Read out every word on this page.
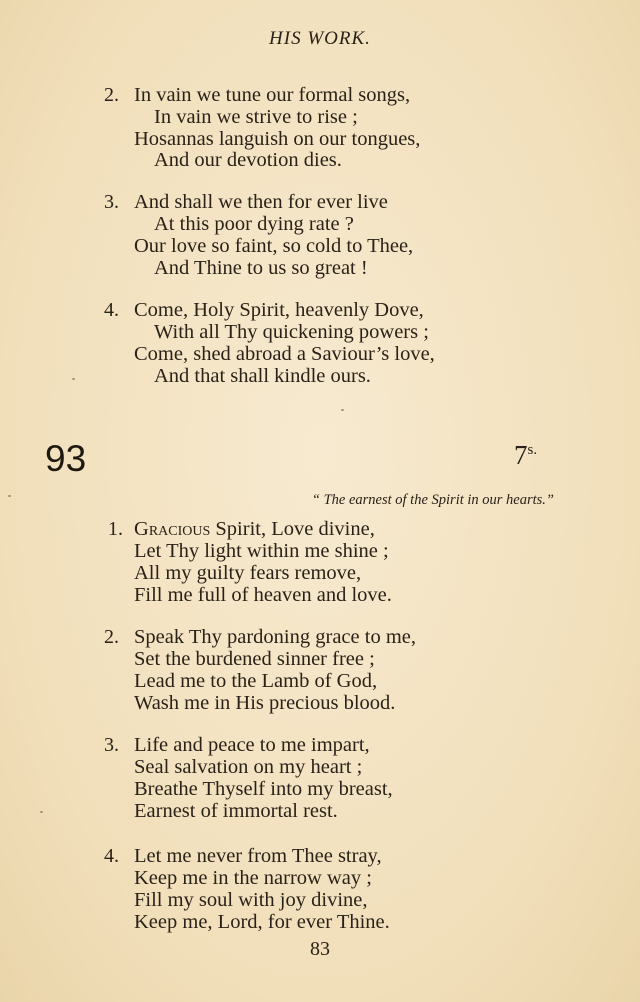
HIS WORK.
2. In vain we tune our formal songs,
In vain we strive to rise ;
Hosannas languish on our tongues,
And our devotion dies.
3. And shall we then for ever live
At this poor dying rate ?
Our love so faint, so cold to Thee,
And Thine to us so great !
4. Come, Holy Spirit, heavenly Dove,
With all Thy quickening powers ;
Come, shed abroad a Saviour’s love,
And that shall kindle ours.
93	$7^{s.}$
“ The earnest of the Spirit in our hearts.”
1. Gracious Spirit, Love divine,
Let Thy light within me shine ;
All my guilty fears remove,
Fill me full of heaven and love.
2. Speak Thy pardoning grace to me,
Set the burdened sinner free ;
Lead me to the Lamb of God,
Wash me in His precious blood.
3. Life and peace to me impart,
Seal salvation on my heart ;
Breathe Thyself into my breast,
Earnest of immortal rest.
4. Let me never from Thee stray,
Keep me in the narrow way ;
Fill my soul with joy divine,
Keep me, Lord, for ever Thine.
83
